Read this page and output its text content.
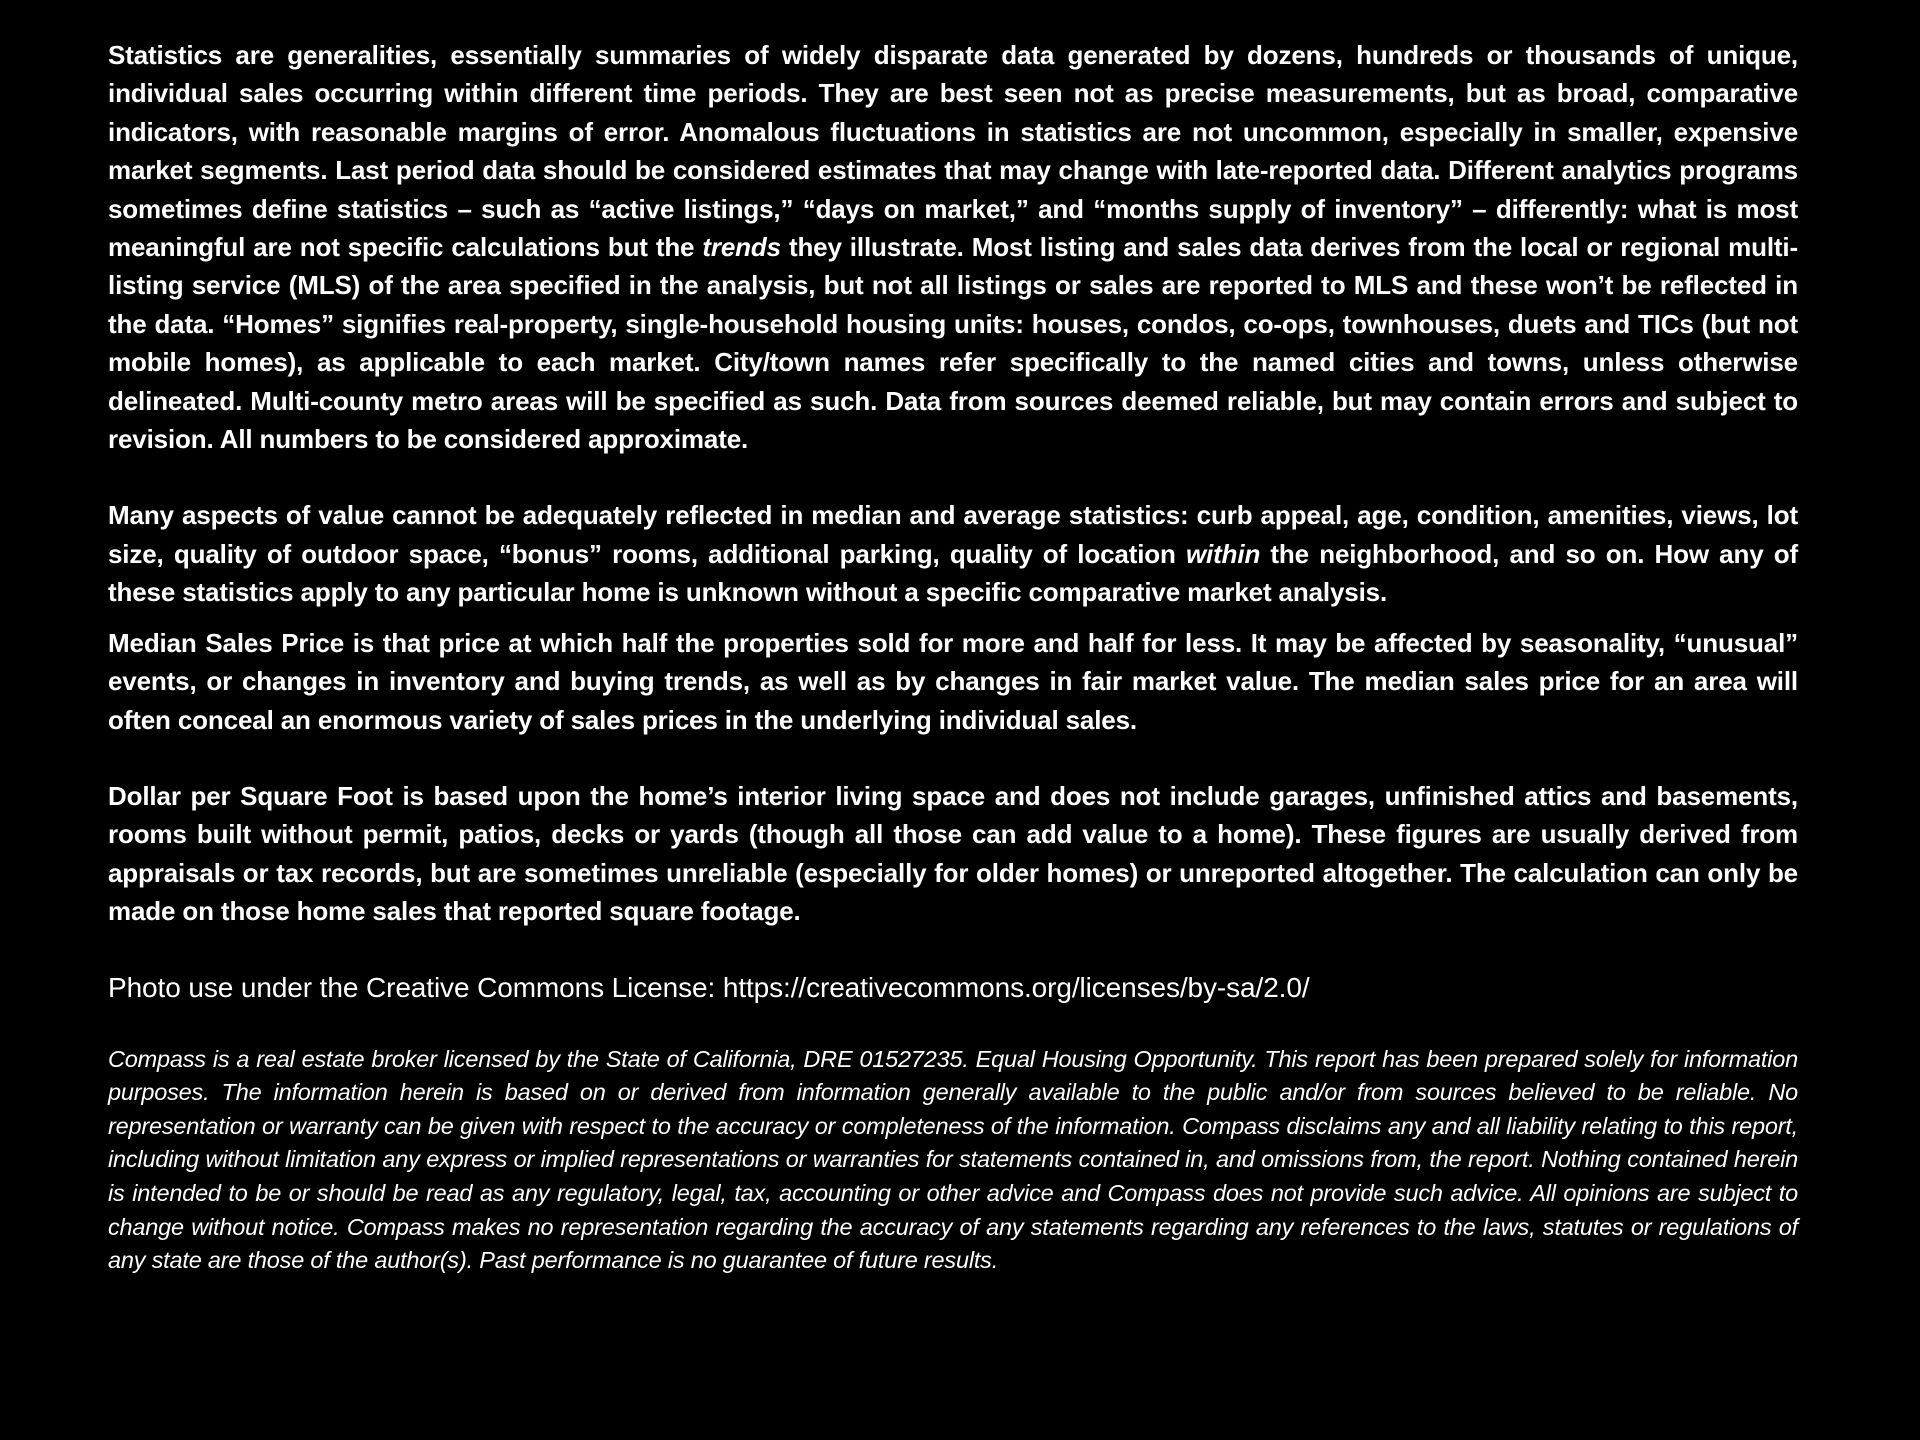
Statistics are generalities, essentially summaries of widely disparate data generated by dozens, hundreds or thousands of unique, individual sales occurring within different time periods. They are best seen not as precise measurements, but as broad, comparative indicators, with reasonable margins of error. Anomalous fluctuations in statistics are not uncommon, especially in smaller, expensive market segments. Last period data should be considered estimates that may change with late-reported data. Different analytics programs sometimes define statistics – such as “active listings,” “days on market,” and “months supply of inventory” – differently: what is most meaningful are not specific calculations but the trends they illustrate. Most listing and sales data derives from the local or regional multi-listing service (MLS) of the area specified in the analysis, but not all listings or sales are reported to MLS and these won’t be reflected in the data. “Homes” signifies real-property, single-household housing units: houses, condos, co-ops, townhouses, duets and TICs (but not mobile homes), as applicable to each market. City/town names refer specifically to the named cities and towns, unless otherwise delineated. Multi-county metro areas will be specified as such. Data from sources deemed reliable, but may contain errors and subject to revision. All numbers to be considered approximate.

Many aspects of value cannot be adequately reflected in median and average statistics: curb appeal, age, condition, amenities, views, lot size, quality of outdoor space, “bonus” rooms, additional parking, quality of location within the neighborhood, and so on. How any of these statistics apply to any particular home is unknown without a specific comparative market analysis.

Median Sales Price is that price at which half the properties sold for more and half for less. It may be affected by seasonality, “unusual” events, or changes in inventory and buying trends, as well as by changes in fair market value. The median sales price for an area will often conceal an enormous variety of sales prices in the underlying individual sales.

Dollar per Square Foot is based upon the home’s interior living space and does not include garages, unfinished attics and basements, rooms built without permit, patios, decks or yards (though all those can add value to a home). These figures are usually derived from appraisals or tax records, but are sometimes unreliable (especially for older homes) or unreported altogether. The calculation can only be made on those home sales that reported square footage.

Photo use under the Creative Commons License: https://creativecommons.org/licenses/by-sa/2.0/

Compass is a real estate broker licensed by the State of California, DRE 01527235. Equal Housing Opportunity. This report has been prepared solely for information purposes. The information herein is based on or derived from information generally available to the public and/or from sources believed to be reliable. No representation or warranty can be given with respect to the accuracy or completeness of the information. Compass disclaims any and all liability relating to this report, including without limitation any express or implied representations or warranties for statements contained in, and omissions from, the report. Nothing contained herein is intended to be or should be read as any regulatory, legal, tax, accounting or other advice and Compass does not provide such advice. All opinions are subject to change without notice. Compass makes no representation regarding the accuracy of any statements regarding any references to the laws, statutes or regulations of any state are those of the author(s). Past performance is no guarantee of future results.
